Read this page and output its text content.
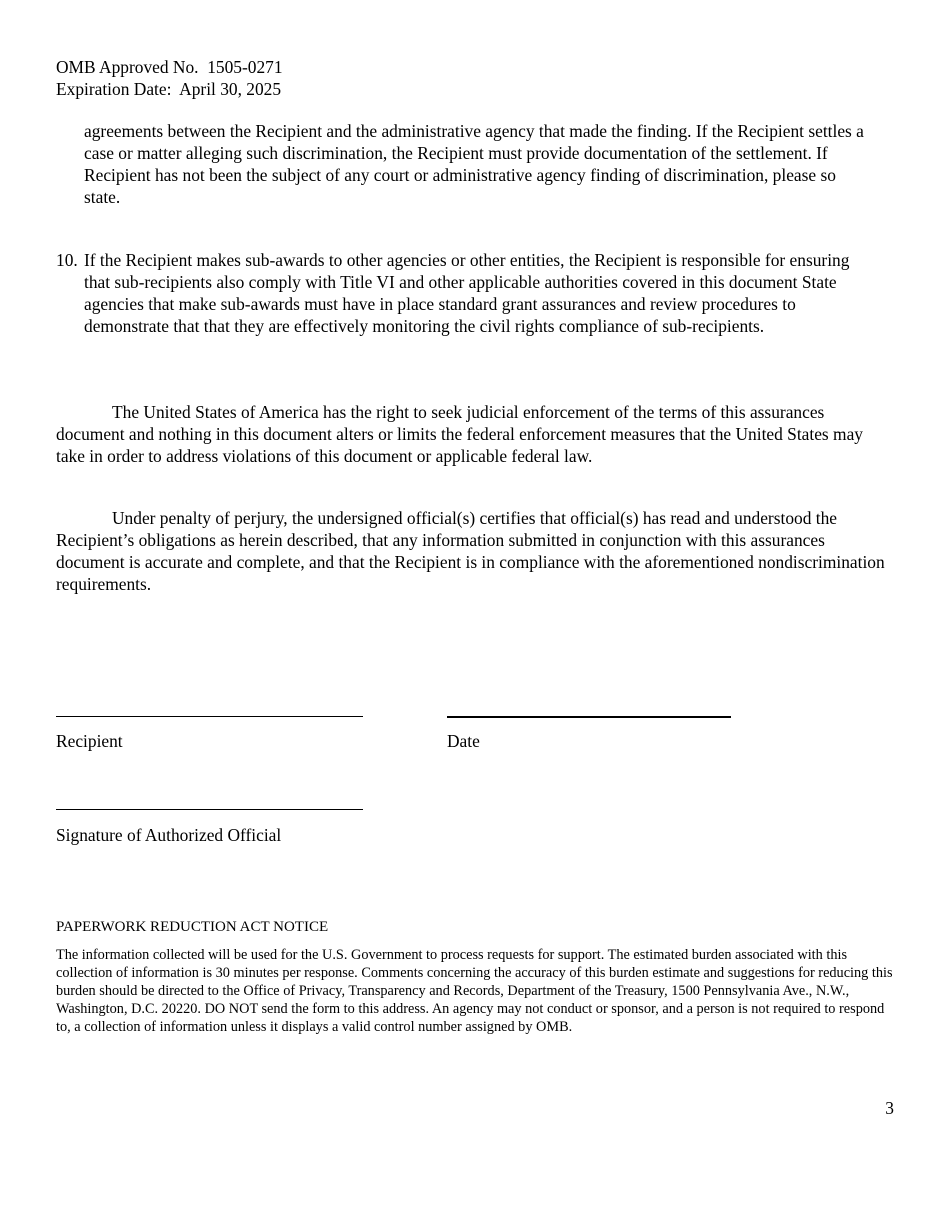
OMB Approved No.  1505-0271
Expiration Date:  April 30, 2025
agreements between the Recipient and the administrative agency that made the finding. If the Recipient settles a case or matter alleging such discrimination, the Recipient must provide documentation of the settlement. If Recipient has not been the subject of any court or administrative agency finding of discrimination, please so state.
10. If the Recipient makes sub-awards to other agencies or other entities, the Recipient is responsible for ensuring that sub-recipients also comply with Title VI and other applicable authorities covered in this document State agencies that make sub-awards must have in place standard grant assurances and review procedures to demonstrate that that they are effectively monitoring the civil rights compliance of sub-recipients.
The United States of America has the right to seek judicial enforcement of the terms of this assurances document and nothing in this document alters or limits the federal enforcement measures that the United States may take in order to address violations of this document or applicable federal law.
Under penalty of perjury, the undersigned official(s) certifies that official(s) has read and understood the Recipient’s obligations as herein described, that any information submitted in conjunction with this assurances document is accurate and complete, and that the Recipient is in compliance with the aforementioned nondiscrimination requirements.
Recipient	Date
Signature of Authorized Official
PAPERWORK REDUCTION ACT NOTICE
The information collected will be used for the U.S. Government to process requests for support. The estimated burden associated with this collection of information is 30 minutes per response. Comments concerning the accuracy of this burden estimate and suggestions for reducing this burden should be directed to the Office of Privacy, Transparency and Records, Department of the Treasury, 1500 Pennsylvania Ave., N.W., Washington, D.C. 20220. DO NOT send the form to this address. An agency may not conduct or sponsor, and a person is not required to respond to, a collection of information unless it displays a valid control number assigned by OMB.
3
